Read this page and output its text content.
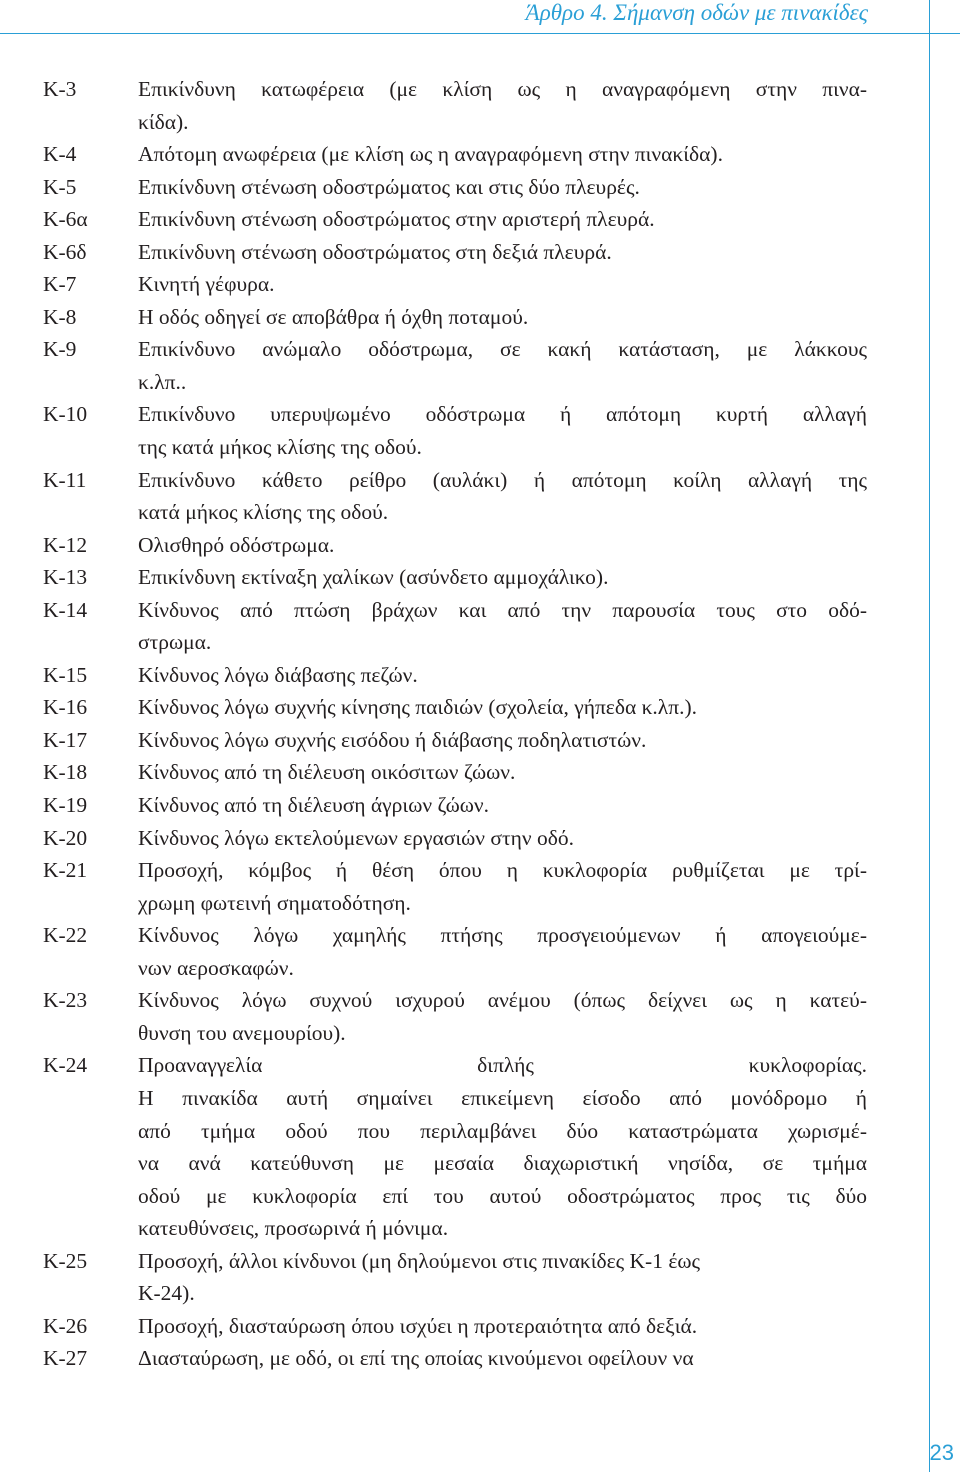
Άρθρο 4. Σήμανση οδών με πινακίδες
Κ-3	Επικίνδυνη κατωφέρεια (με κλίση ως η αναγραφόμενη στην πινα-
κίδα).
Κ-4	Απότομη ανωφέρεια (με κλίση ως η αναγραφόμενη στην πινακίδα).
Κ-5	Επικίνδυνη στένωση οδοστρώματος και στις δύο πλευρές.
Κ-6α	Επικίνδυνη στένωση οδοστρώματος στην αριστερή πλευρά.
Κ-6δ	Επικίνδυνη στένωση οδοστρώματος στη δεξιά πλευρά.
Κ-7	Κινητή γέφυρα.
Κ-8	Η οδός οδηγεί σε αποβάθρα ή όχθη ποταμού.
Κ-9	Επικίνδυνο ανώμαλο οδόστρωμα, σε κακή κατάσταση, με λάκκους
κ.λπ..
Κ-10	Επικίνδυνο υπερυψωμένο οδόστρωμα ή απότομη κυρτή αλλαγή
της κατά μήκος κλίσης της οδού.
Κ-11	Επικίνδυνο κάθετο ρείθρο (αυλάκι) ή απότομη κοίλη αλλαγή της
κατά μήκος κλίσης της οδού.
Κ-12	Ολισθηρό οδόστρωμα.
Κ-13	Επικίνδυνη εκτίναξη χαλίκων (ασύνδετο αμμοχάλικο).
Κ-14	Κίνδυνος από πτώση βράχων και από την παρουσία τους στο οδό-
στρωμα.
Κ-15	Κίνδυνος λόγω διάβασης πεζών.
Κ-16	Κίνδυνος λόγω συχνής κίνησης παιδιών (σχολεία, γήπεδα κ.λπ.).
Κ-17	Κίνδυνος λόγω συχνής εισόδου ή διάβασης ποδηλατιστών.
Κ-18	Κίνδυνος από τη διέλευση οικόσιτων ζώων.
Κ-19	Κίνδυνος από τη διέλευση άγριων ζώων.
Κ-20	Κίνδυνος λόγω εκτελούμενων εργασιών στην οδό.
Κ-21	Προσοχή, κόμβος ή θέση όπου η κυκλοφορία ρυθμίζεται με τρί-
χρωμη φωτεινή σηματοδότηση.
Κ-22	Κίνδυνος λόγω χαμηλής πτήσης προσγειούμενων ή απογειούμε-
νων αεροσκαφών.
Κ-23	Κίνδυνος λόγω συχνού ισχυρού ανέμου (όπως δείχνει ως η κατεύ-
θυνση του ανεμουρίου).
Κ-24	Προαναγγελία διπλής κυκλοφορίας.
Η πινακίδα αυτή σημαίνει επικείμενη είσοδο από μονόδρομο ή
από τμήμα οδού που περιλαμβάνει δύο καταστρώματα χωρισμέ-
να ανά κατεύθυνση με μεσαία διαχωριστική νησίδα, σε τμήμα
οδού με κυκλοφορία επί του αυτού οδοστρώματος προς τις δύο
κατευθύνσεις, προσωρινά ή μόνιμα.
Κ-25	Προσοχή, άλλοι κίνδυνοι (μη δηλούμενοι στις πινακίδες Κ-1 έως
Κ-24).
Κ-26	Προσοχή, διασταύρωση όπου ισχύει η προτεραιότητα από δεξιά.
Κ-27	Διασταύρωση, με οδό, οι επί της οποίας κινούμενοι οφείλουν να
23
